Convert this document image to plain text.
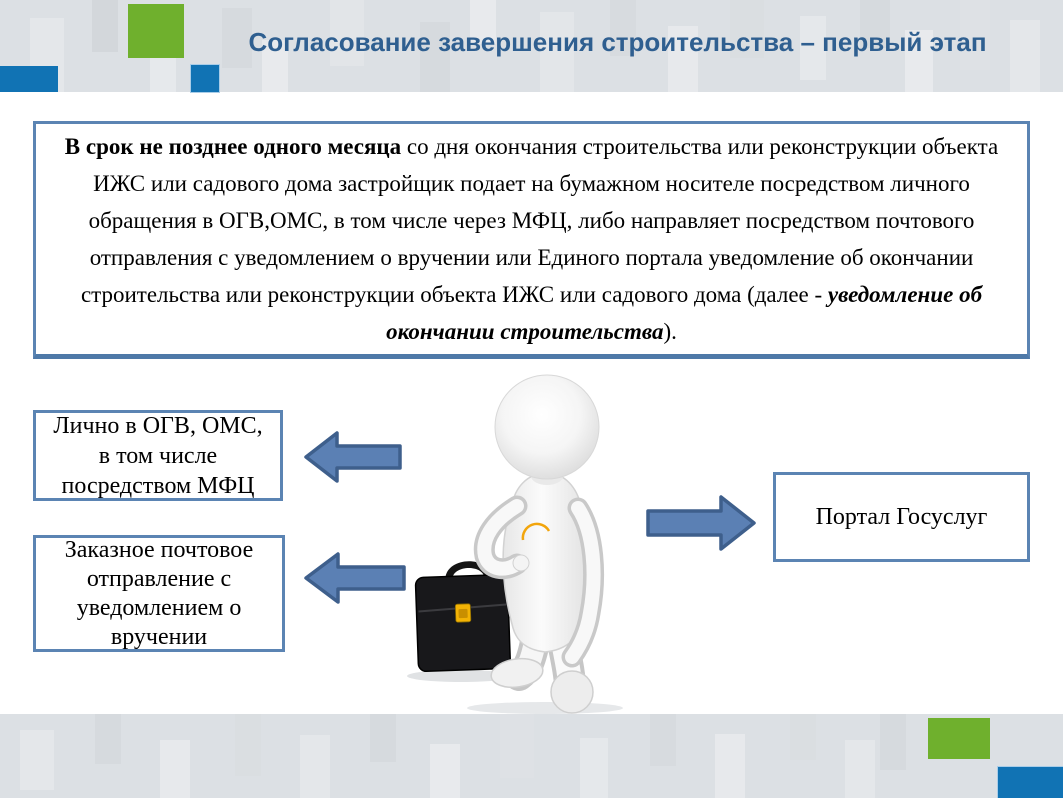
Согласование завершения строительства – первый этап
В срок не позднее одного месяца со дня окончания строительства или реконструкции объекта ИЖС или садового дома застройщик подает на бумажном носителе посредством личного обращения в ОГВ,ОМС, в том числе через МФЦ, либо направляет посредством почтового отправления с уведомлением о вручении или Единого портала уведомление об окончании строительства или реконструкции объекта ИЖС или садового дома (далее - уведомление об окончании строительства).
Лично в ОГВ, ОМС, в том числе посредством МФЦ
Заказное почтовое отправление с уведомлением о вручении
Портал Госуслуг
